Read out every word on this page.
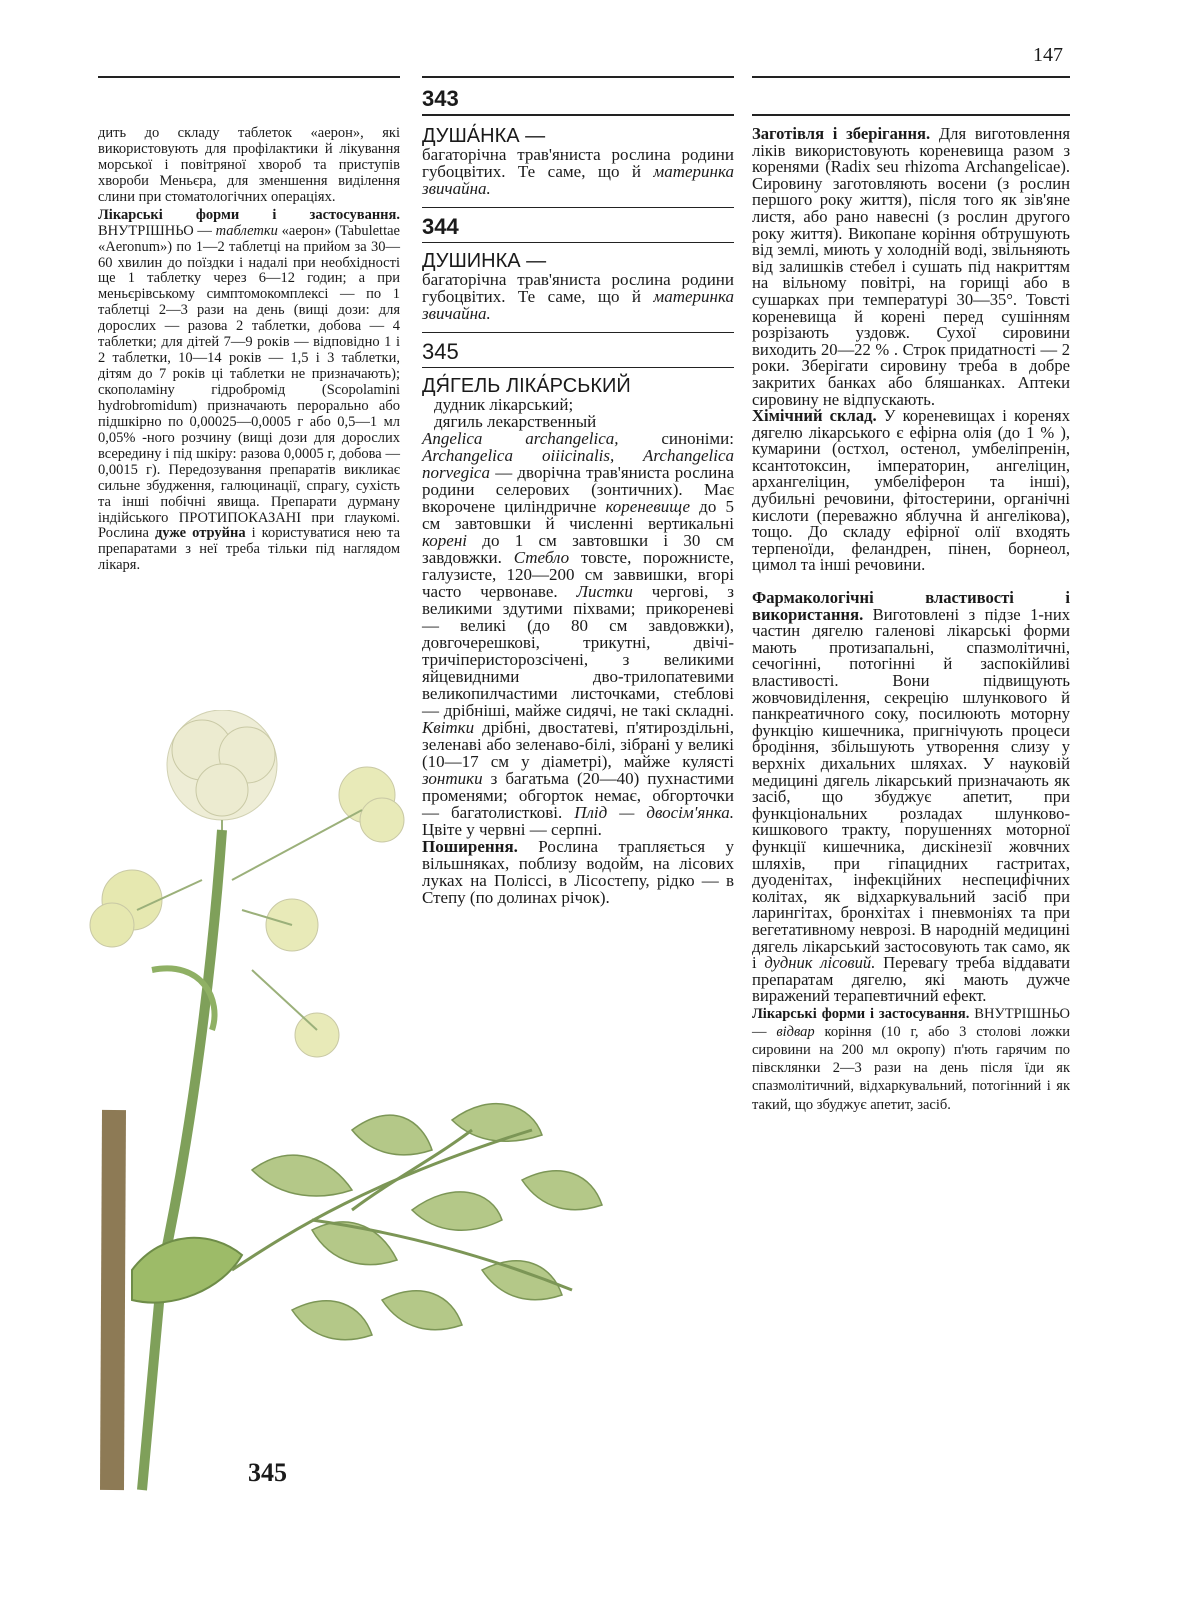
147
343

дить до складу таблеток «аерон», які використовують для профілактики й лікування морської і повітряної хвороб та приступів хвороби Меньєра, для зменшення виділення слини при стоматологічних операціях.

Лікарські форми і застосування. ВНУТРІШНЬО — таблетки «аерон» (Tabulettae «Aeronum») по 1—2 таблетці на прийом за 30—60 хвилин до поїздки і надалі при необхідності ще 1 таблетку через 6—12 годин; а при меньєрівському симптомокомплексі — по 1 таблетці 2—3 рази на день (вищі дози: для дорослих — разова 2 таблетки, добова — 4 таблетки; для дітей 7—9 років — відповідно 1 і 2 таблетки, 10—14 років — 1,5 і 3 таблетки, дітям до 7 років ці таблетки не призначають); скополаміну гідробромід (Scopolamini hydrobromidum) призначають перорально або підшкірно по 0,00025—0,0005 г або 0,5—1 мл 0,05% -ного розчину (вищі дози для дорослих всередину і під шкіру: разова 0,0005 г, добова — 0,0015 г). Передозування препаратів викликає сильне збудження, галюцинації, спрагу, сухість та інші побічні явища. Препарати дурману індійського ПРОТИПОКАЗАНІ при глаукомі. Рослина дуже отруйна і користуватися нею та препаратами з неї треба тільки під наглядом лікаря.

ДУША́НКА —

багаторічна трав'яниста рослина родини губоцвітих. Те саме, що й материнка звичайна.

344
ДУШИНКА —

багаторічна трав'яниста рослина родини губоцвітих. Те саме, що й материнка звичайна.

345
ДЯ́ГЕЛЬ ЛІКА́РСЬКИЙ
дудник лікарський;
дягиль лекарственный

Angelica archangelica, синоніми: Archangelica oiiicinalis, Archangelica norvegica — дворічна трав'яниста рослина родини селерових (зонтичних). Має вкорочене циліндричне кореневище до 5 см завтовшки й численні вертикальні корені до 1 см завтовшки і 30 см завдовжки. Стебло товсте, порожнисте, галузисте, 120—200 см заввишки, вгорі часто червонаве. Листки чергові, з великими здутими піхвами; прикореневі — великі (до 80 см завдовжки), довгочерешкові, трикутні, двічі-тричіперисторозсічені, з великими яйцевидними дво-трилопатевими великопилчастими листочками, стеблові — дрібніші, майже сидячі, не такі складні. Квітки дрібні, двостатеві, п'ятироздільні, зеленаві або зеленаво-білі, зібрані у великі (10—17 см у діаметрі), майже кулясті зонтики з багатьма (20—40) пухнастими променями; обгорток немає, обгорточки — багатолисткові. Плід — двосім'янка. Цвіте у червні — серпні.

Поширення. Рослина трапляється у вільшняках, поблизу водойм, на лісових луках на Поліссі, в Лісостепу, рідко — в Степу (по долинах річок).

Заготівля і зберігання. Для виготовлення ліків використовують кореневища разом з коренями (Radix seu rhizoma Archangelicae). Сировину заготовляють восени (з рослин першого року життя), після того як зів'яне листя, або рано навесні (з рослин другого року життя). Викопане коріння обтрушують від землі, миють у холодній воді, звільняють від залишків стебел і сушать під накриттям на вільному повітрі, на горищі або в сушарках при температурі 30—35°. Товсті кореневища й корені перед сушінням розрізають уздовж. Сухої сировини виходить 20—22 % . Строк придатності — 2 роки. Зберігати сировину треба в добре закритих банках або бляшанках. Аптеки сировину не відпускають.

Хімічний склад. У кореневищах і коренях дягелю лікарського є ефірна олія (до 1 % ), кумарини (остхол, остенол, умбеліпренін, ксантотоксин, імператорин, ангеліцин, архангеліцин, умбеліферон та інші), дубильні речовини, фітостерини, органічні кислоти (переважно яблучна й ангелікова), тощо. До складу ефірної олії входять терпеноїди, феландрен, пінен, борнеол, цимол та інші речовини.

Фармакологічні властивості і використання. Виготовлені з підзе 1-них частин дягелю галенові лікарські форми мають протизапальні, спазмолітичні, сечогінні, потогінні й заспокійливі властивості. Вони підвищують жовчовиділення, секрецію шлункового й панкреатичного соку, посилюють моторну функцію кишечника, пригнічують процеси бродіння, збільшують утворення слизу у верхніх дихальних шляхах. У науковій медицині дягель лікарський призначають як засіб, що збуджує апетит, при функціональних розладах шлунково-кишкового тракту, порушеннях моторної функції кишечника, дискінезії жовчних шляхів, при гіпацидних гастритах, дуоденітах, інфекційних неспецифічних колітах, як відхаркувальний засіб при ларингітах, бронхітах і пневмоніях та при вегетативному неврозі. В народній медицині дягель лікарський застосовують так само, як і дудник лісовий. Перевагу треба віддавати препаратам дягелю, які мають дужче виражений терапевтичний ефект.

Лікарські форми і застосування. ВНУТРІШНЬО — відвар коріння (10 г, або 3 столові ложки сировини на 200 мл окропу) п'ють гарячим по півсклянки 2—3 рази на день після їди як спазмолітичний, відхаркувальний, потогінний і як такий, що збуджує апетит, засіб.

345
